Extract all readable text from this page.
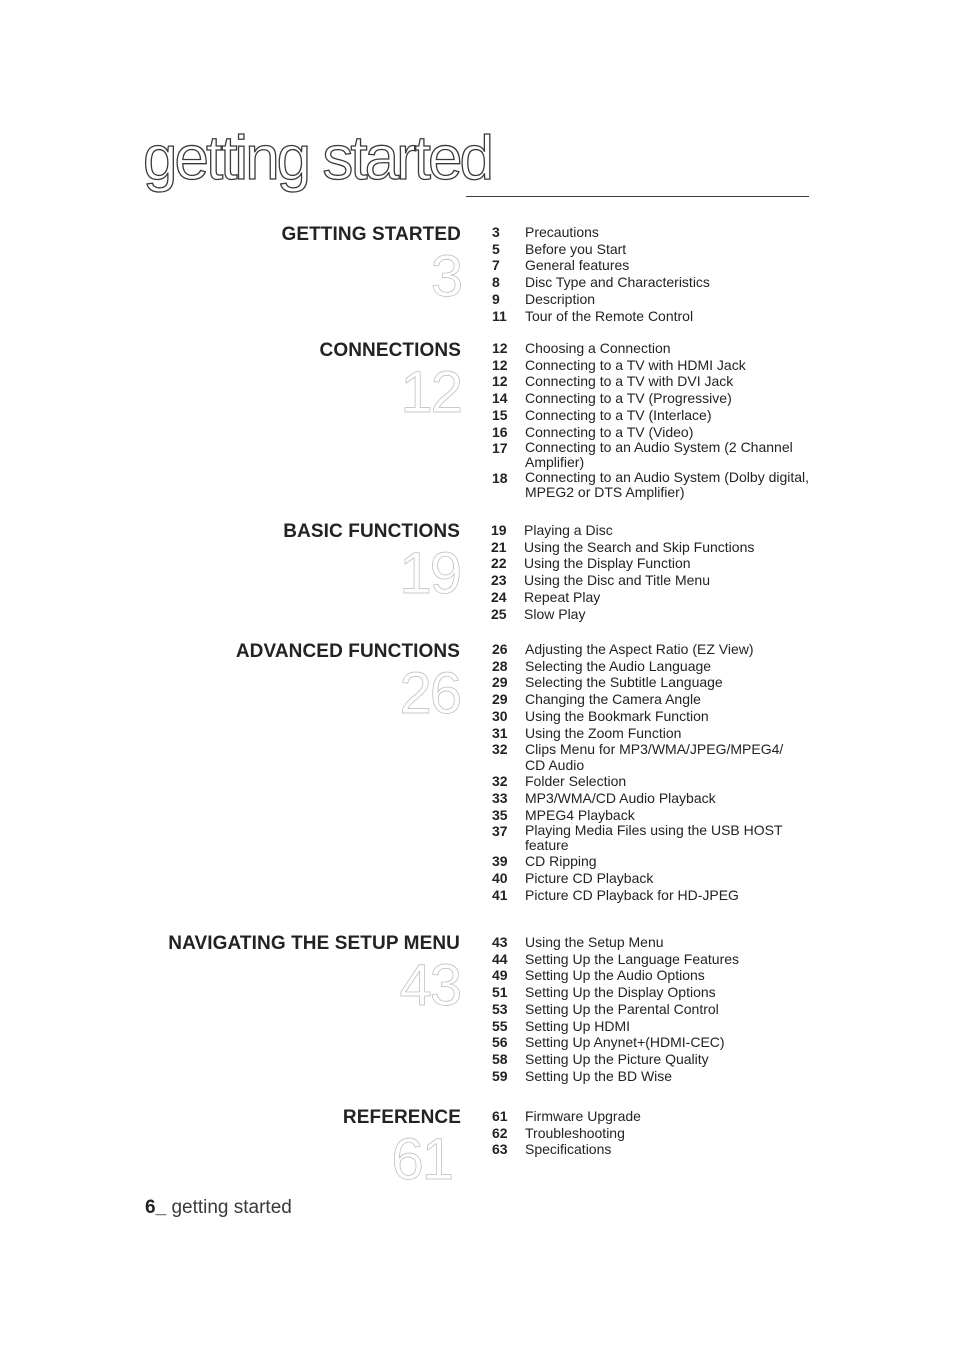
getting started
GETTING STARTED
3
3 Precautions
5 Before you Start
7 General features
8 Disc Type and Characteristics
9 Description
11 Tour of the Remote Control
CONNECTIONS
12
12 Choosing a Connection
12 Connecting to a TV with HDMI Jack
12 Connecting to a TV with DVI Jack
14 Connecting to a TV (Progressive)
15 Connecting to a TV (Interlace)
16 Connecting to a TV (Video)
17 Connecting to an Audio System (2 Channel Amplifier)
18 Connecting to an Audio System (Dolby digital, MPEG2 or DTS Amplifier)
BASIC FUNCTIONS
19
19 Playing a Disc
21 Using the Search and Skip Functions
22 Using the Display Function
23 Using the Disc and Title Menu
24 Repeat Play
25 Slow Play
ADVANCED FUNCTIONS
26
26 Adjusting the Aspect Ratio (EZ View)
28 Selecting the Audio Language
29 Selecting the Subtitle Language
29 Changing the Camera Angle
30 Using the Bookmark Function
31 Using the Zoom Function
32 Clips Menu for MP3/WMA/JPEG/MPEG4/ CD Audio
32 Folder Selection
33 MP3/WMA/CD Audio Playback
35 MPEG4 Playback
37 Playing Media Files using the USB HOST feature
39 CD Ripping
40 Picture CD Playback
41 Picture CD Playback for HD-JPEG
NAVIGATING THE SETUP MENU
43
43 Using the Setup Menu
44 Setting Up the Language Features
49 Setting Up the Audio Options
51 Setting Up the Display Options
53 Setting Up the Parental Control
55 Setting Up HDMI
56 Setting Up Anynet+(HDMI-CEC)
58 Setting Up the Picture Quality
59 Setting Up the BD Wise
REFERENCE
61
61 Firmware Upgrade
62 Troubleshooting
63 Specifications
6_ getting started
